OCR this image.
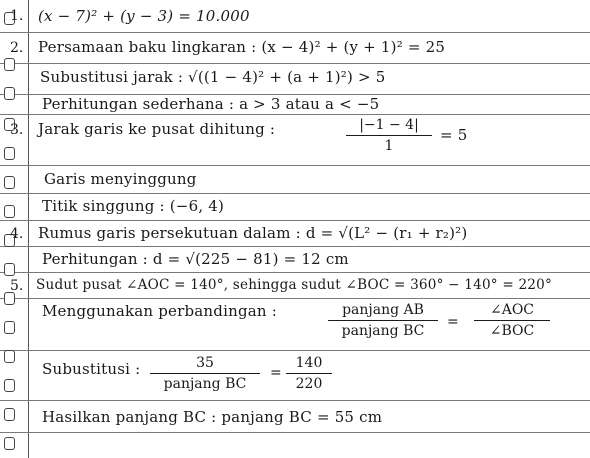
1. (x − 7)² + (y − 3) = 10.000
2. Persamaan baku lingkaran : (x − 4)² + (y + 1)² = 25
Subustitusi jarak : √((1 − 4)² + (a + 1)²) > 5
Perhitungan sederhana : a > 3 atau a < −5
3. Jarak garis ke pusat dihitung :	|−1 − 4|
1
= 5
Garis menyinggung
Titik singgung : (−6, 4)
4. Rumus garis persekutuan dalam : d = √(L² − (r₁ + r₂)²)
Perhitungan : d = √(225 − 81) = 12 cm
5. Sudut pusat ∠AOC = 140°, sehingga sudut ∠BOC = 360° − 140° = 220°
Menggunakan perbandingan :	panjang AB
panjang BC
=
∠AOC
∠BOC
Subustitusi :	35
panjang BC
=
140
220
Hasilkan panjang BC : panjang BC = 55 cm
